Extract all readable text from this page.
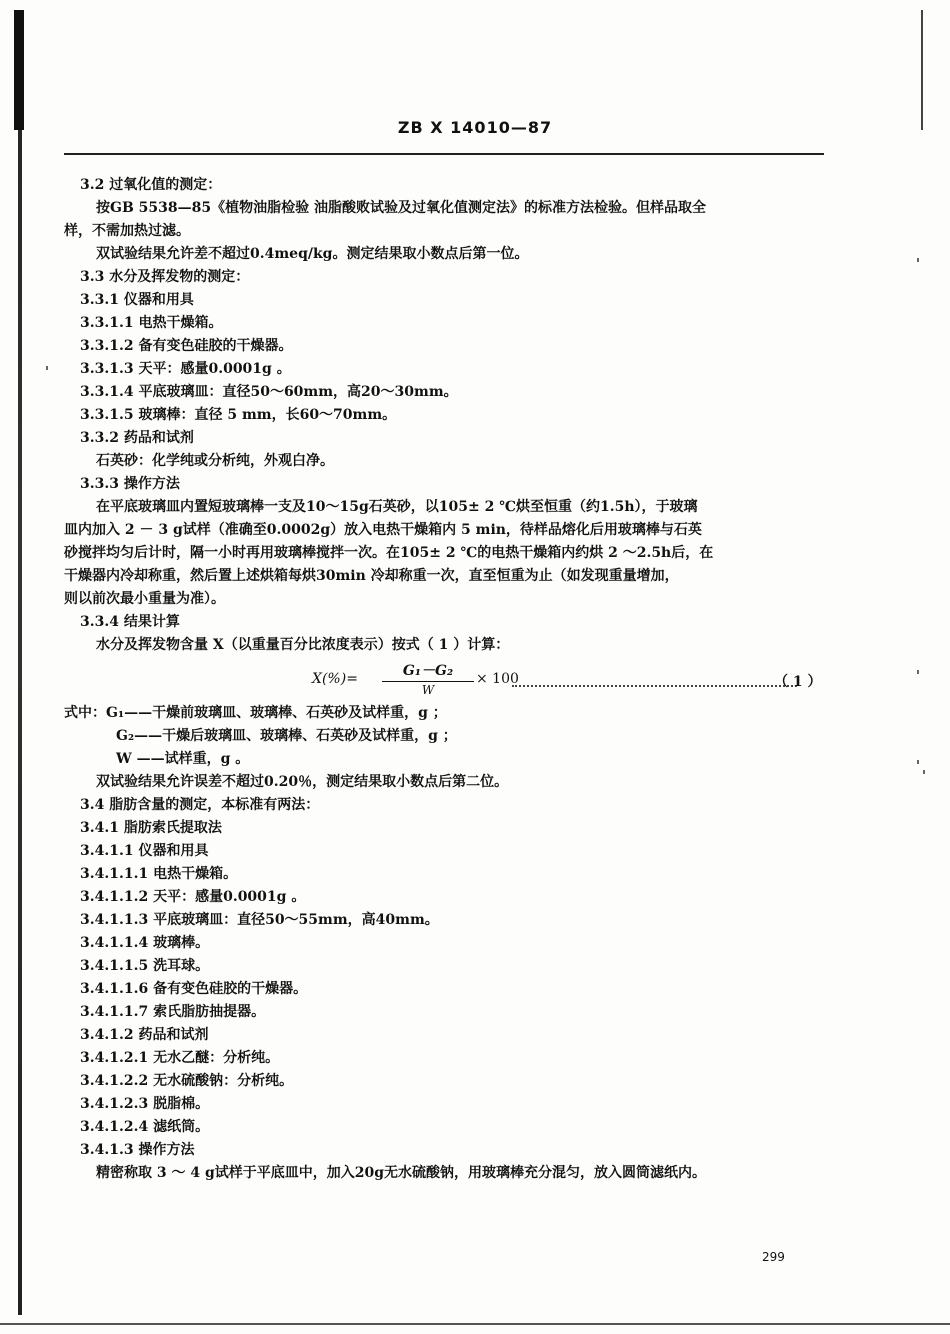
ZB X 14010—87
3.2 过氧化值的测定：
按GB 5538—85《植物油脂检验 油脂酸败试验及过氧化值测定法》的标准方法检验。但样品取全
样，不需加热过滤。
双试验结果允许差不超过0.4meq/kg。测定结果取小数点后第一位。
3.3 水分及挥发物的测定：
3.3.1 仪器和用具
3.3.1.1 电热干燥箱。
3.3.1.2 备有变色硅胶的干燥器。
3.3.1.3 天平：感量0.0001g 。
3.3.1.4 平底玻璃皿：直径50～60mm，高20～30mm。
3.3.1.5 玻璃棒：直径 5 mm，长60～70mm。
3.3.2 药品和试剂
石英砂：化学纯或分析纯，外观白净。
3.3.3 操作方法
在平底玻璃皿内置短玻璃棒一支及10～15g石英砂，以105± 2 ℃烘至恒重（约1.5h），于玻璃
皿内加入 2 － 3 g试样（准确至0.0002g）放入电热干燥箱内 5 min，待样品熔化后用玻璃棒与石英
砂搅拌均匀后计时，隔一小时再用玻璃棒搅拌一次。在105± 2 ℃的电热干燥箱内约烘 2 ～2.5h后，在
干燥器内冷却称重，然后置上述烘箱每烘30min 冷却称重一次，直至恒重为止（如发现重量增加，
则以前次最小重量为准）。
3.3.4 结果计算
水分及挥发物含量 X（以重量百分比浓度表示）按式（ 1 ）计算：
X(%)=	G₁－G₂
W
× 100	（ 1 ）
式中：G₁——干燥前玻璃皿、玻璃棒、石英砂及试样重，g ；
G₂——干燥后玻璃皿、玻璃棒、石英砂及试样重，g ；
W ——试样重，g 。
双试验结果允许误差不超过0.20％，测定结果取小数点后第二位。
3.4 脂肪含量的测定，本标准有两法：
3.4.1 脂肪索氏提取法
3.4.1.1 仪器和用具
3.4.1.1.1 电热干燥箱。
3.4.1.1.2 天平：感量0.0001g 。
3.4.1.1.3 平底玻璃皿：直径50～55mm，高40mm。
3.4.1.1.4 玻璃棒。
3.4.1.1.5 洗耳球。
3.4.1.1.6 备有变色硅胶的干燥器。
3.4.1.1.7 索氏脂肪抽提器。
3.4.1.2 药品和试剂
3.4.1.2.1 无水乙醚：分析纯。
3.4.1.2.2 无水硫酸钠：分析纯。
3.4.1.2.3 脱脂棉。
3.4.1.2.4 滤纸筒。
3.4.1.3 操作方法
精密称取 3 ～ 4 g试样于平底皿中，加入20g无水硫酸钠，用玻璃棒充分混匀，放入圆筒滤纸内。
299
